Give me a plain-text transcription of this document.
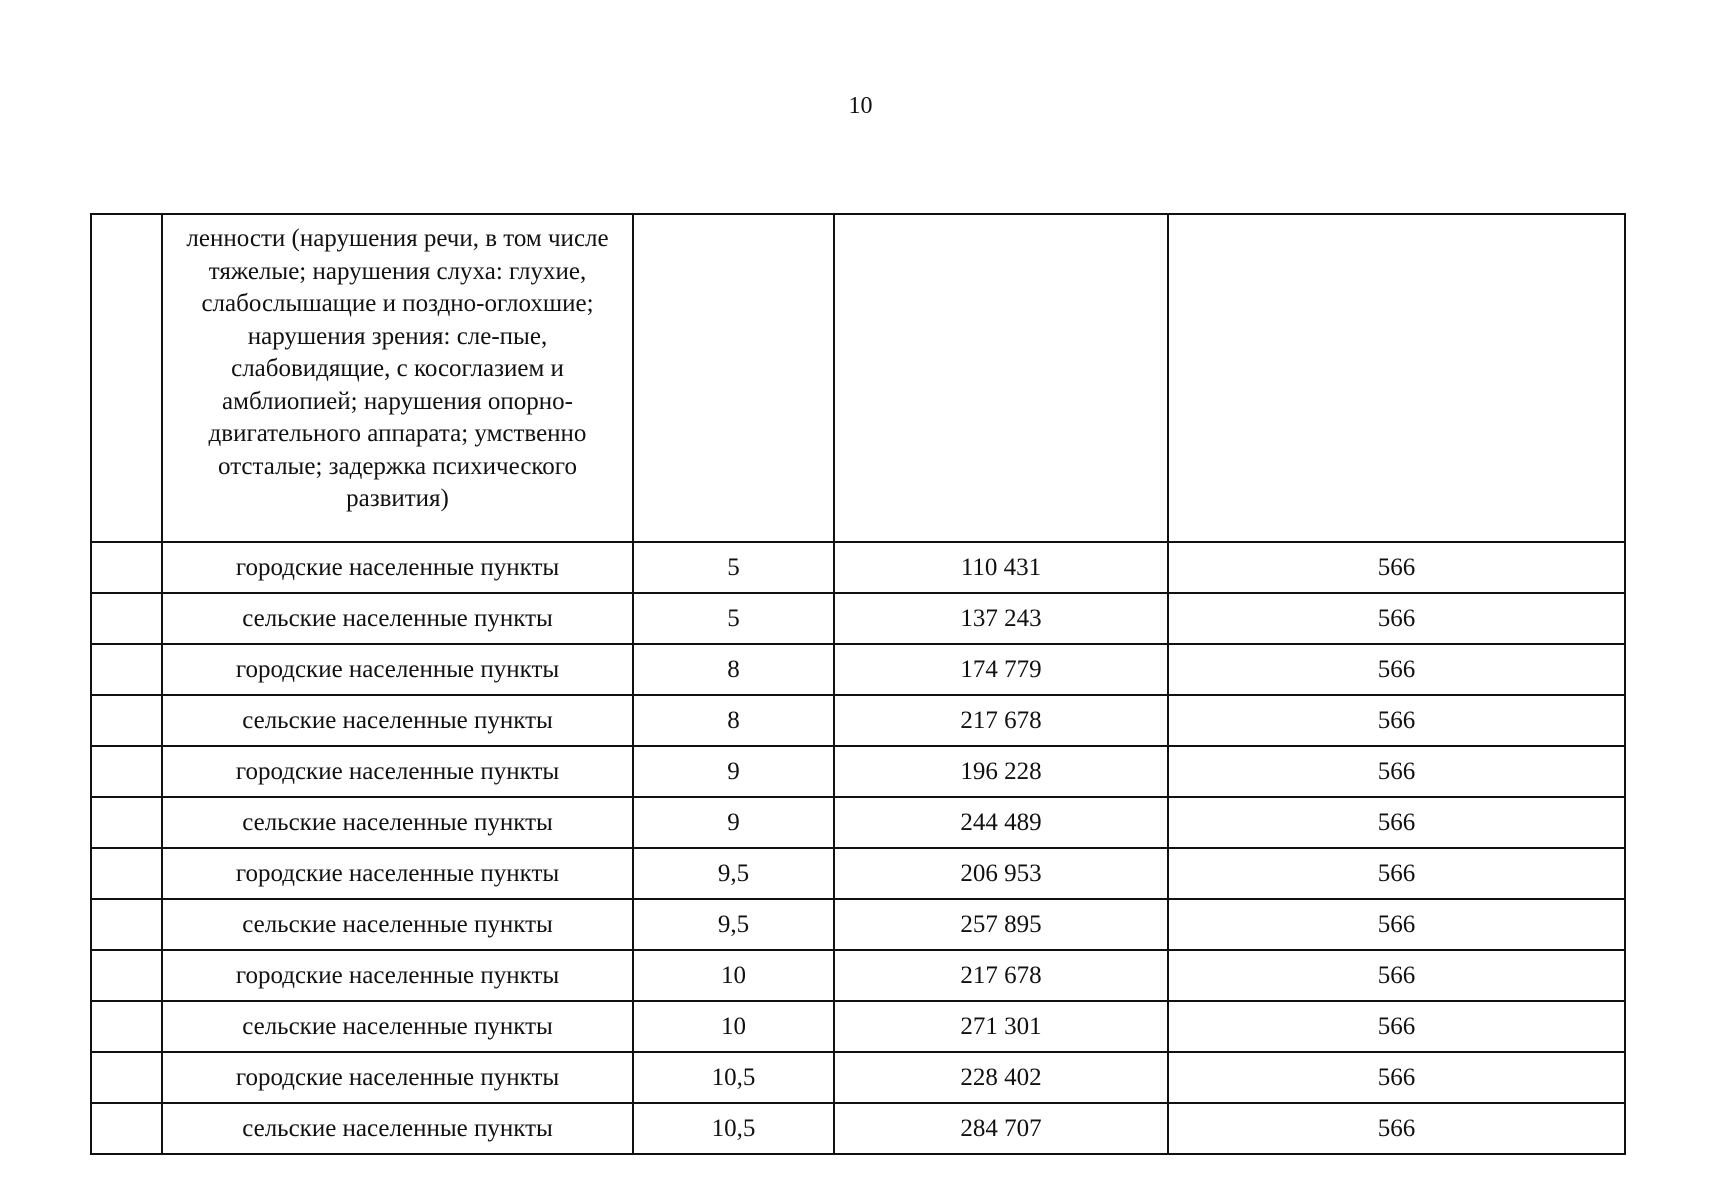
10
	ленности (нарушения речи, в том числе тяжелые; нарушения слуха: глухие, слабослышащие и поздно-оглохшие; нарушения зрения: сле-пые, слабовидящие, с косоглазием и амблиопией; нарушения опорно-двигательного аппарата; умственно отсталые; задержка психического развития)			
	городские населенные пункты	5	110 431	566
	сельские населенные пункты	5	137 243	566
	городские населенные пункты	8	174 779	566
	сельские населенные пункты	8	217 678	566
	городские населенные пункты	9	196 228	566
	сельские населенные пункты	9	244 489	566
	городские населенные пункты	9,5	206 953	566
	сельские населенные пункты	9,5	257 895	566
	городские населенные пункты	10	217 678	566
	сельские населенные пункты	10	271 301	566
	городские населенные пункты	10,5	228 402	566
	сельские населенные пункты	10,5	284 707	566
